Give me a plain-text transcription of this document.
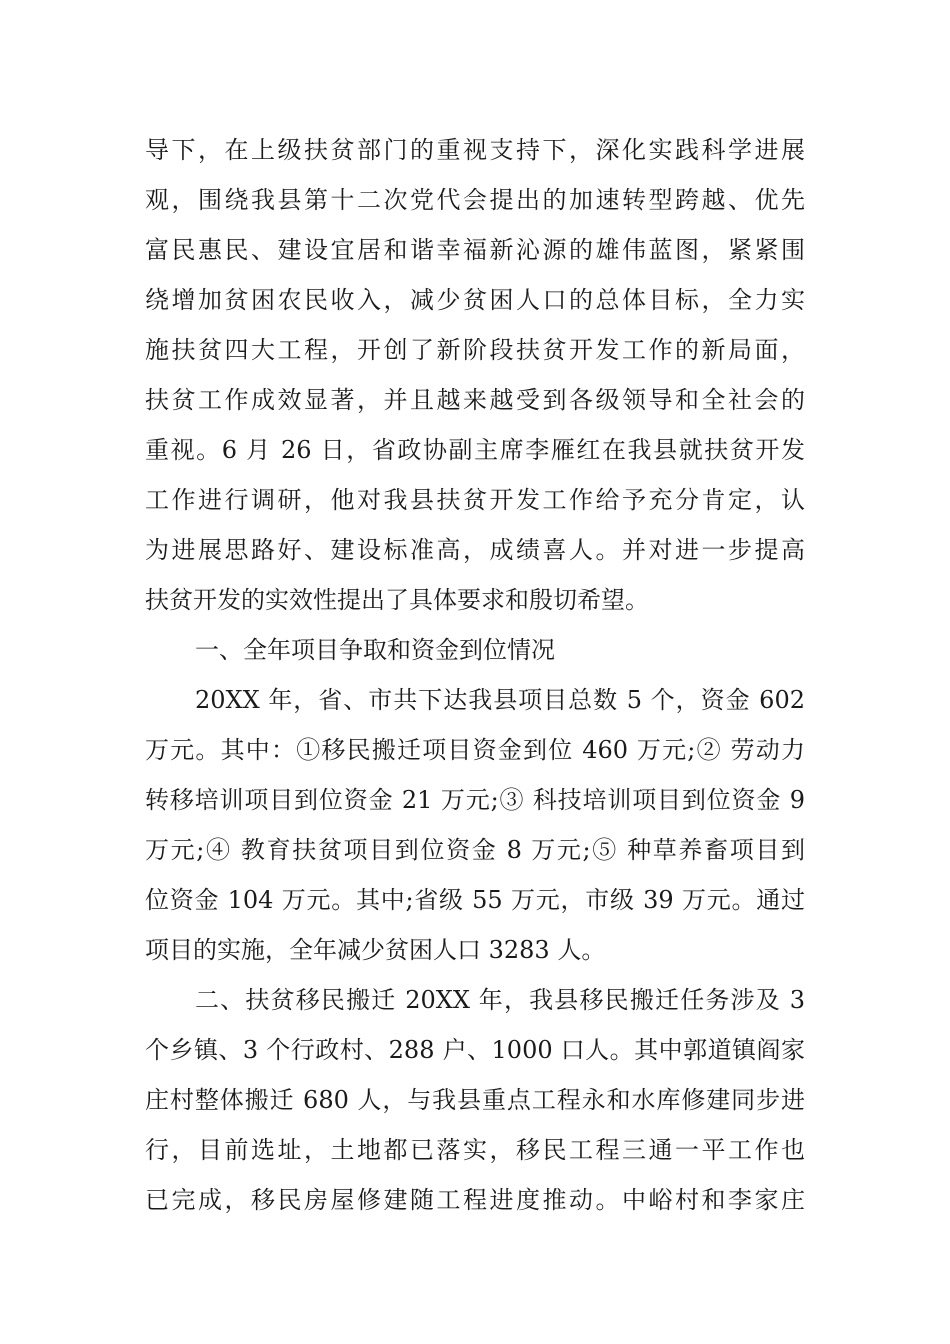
导下，在上级扶贫部门的重视支持下，深化实践科学进展
观，围绕我县第十二次党代会提出的加速转型跨越、优先
富民惠民、建设宜居和谐幸福新沁源的雄伟蓝图，紧紧围
绕增加贫困农民收入，减少贫困人口的总体目标，全力实
施扶贫四大工程，开创了新阶段扶贫开发工作的新局面，
扶贫工作成效显著，并且越来越受到各级领导和全社会的
重视。6 月 26 日，省政协副主席李雁红在我县就扶贫开发
工作进行调研，他对我县扶贫开发工作给予充分肯定，认
为进展思路好、建设标准高，成绩喜人。并对进一步提高
扶贫开发的实效性提出了具体要求和殷切希望。
一、全年项目争取和资金到位情况
20XX 年，省、市共下达我县项目总数 5 个，资金 602
万元。其中：①移民搬迁项目资金到位 460 万元;② 劳动力
转移培训项目到位资金 21 万元;③ 科技培训项目到位资金 9
万元;④ 教育扶贫项目到位资金 8 万元;⑤ 种草养畜项目到
位资金 104 万元。其中;省级 55 万元，市级 39 万元。通过
项目的实施，全年减少贫困人口 3283 人。
二、扶贫移民搬迁 20XX 年，我县移民搬迁任务涉及 3
个乡镇、3 个行政村、288 户、1000 口人。其中郭道镇阎家
庄村整体搬迁 680 人，与我县重点工程永和水库修建同步进
行，目前选址，土地都已落实，移民工程三通一平工作也
已完成，移民房屋修建随工程进度推动。中峪村和李家庄
